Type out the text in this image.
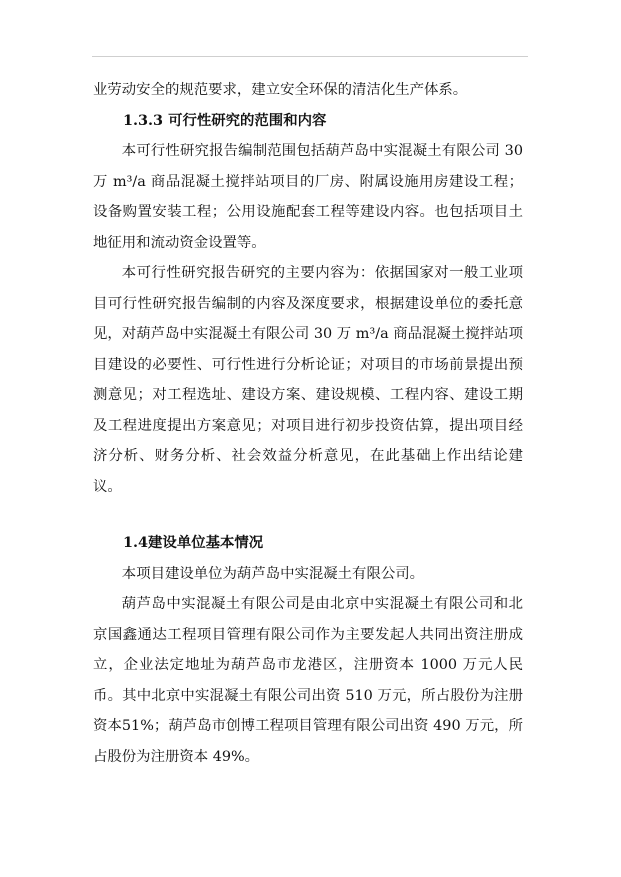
业劳动安全的规范要求，建立安全环保的清洁化生产体系。

1.3.3 可行性研究的范围和内容

本可行性研究报告编制范围包括葫芦岛中实混凝土有限公司 30万 m³/a 商品混凝土搅拌站项目的厂房、附属设施用房建设工程；设备购置安装工程；公用设施配套工程等建设内容。也包括项目土地征用和流动资金设置等。

本可行性研究报告研究的主要内容为：依据国家对一般工业项目可行性研究报告编制的内容及深度要求，根据建设单位的委托意见，对葫芦岛中实混凝土有限公司 30 万 m³/a 商品混凝土搅拌站项目建设的必要性、可行性进行分析论证；对项目的市场前景提出预测意见；对工程选址、建设方案、建设规模、工程内容、建设工期及工程进度提出方案意见；对项目进行初步投资估算，提出项目经济分析、财务分析、社会效益分析意见，在此基础上作出结论建议。

1.4建设单位基本情况

本项目建设单位为葫芦岛中实混凝土有限公司。

葫芦岛中实混凝土有限公司是由北京中实混凝土有限公司和北京国鑫通达工程项目管理有限公司作为主要发起人共同出资注册成立，企业法定地址为葫芦岛市龙港区，注册资本 1000 万元人民币。其中北京中实混凝土有限公司出资 510 万元，所占股份为注册资本51%；葫芦岛市创博工程项目管理有限公司出资 490 万元，所占股份为注册资本 49%。
